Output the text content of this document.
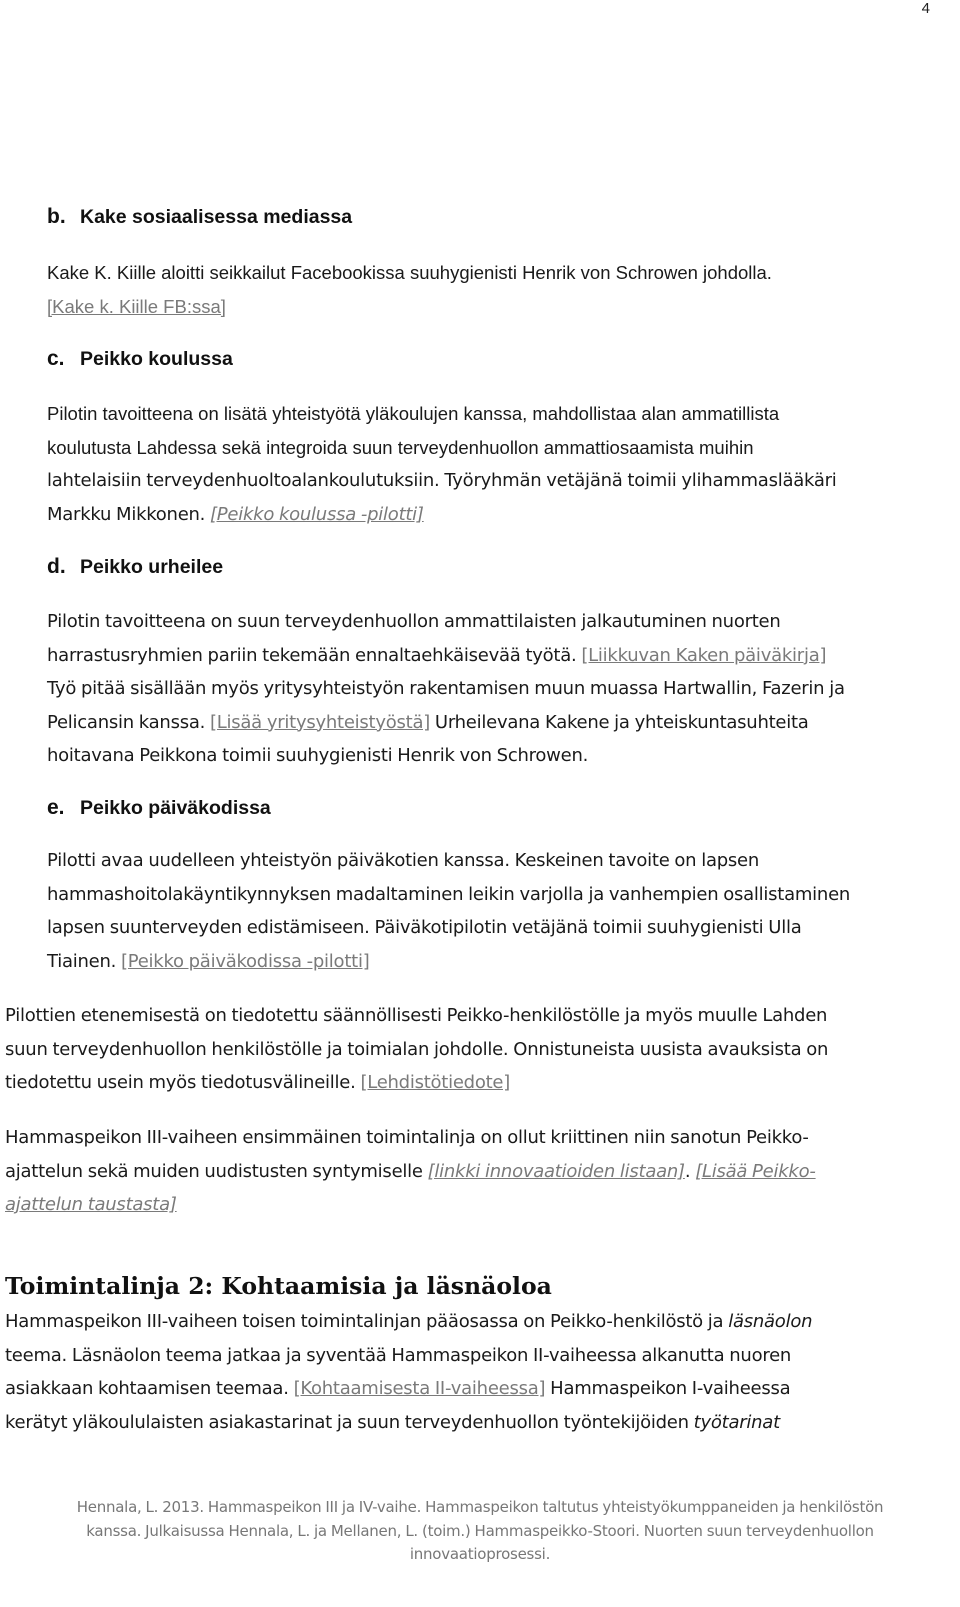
4
b. Kake sosiaalisessa mediassa
Kake K. Kiille aloitti seikkailut Facebookissa suuhygienisti Henrik von Schrowen johdolla.
[Kake k. Kiille FB:ssa]
c. Peikko koulussa
Pilotin tavoitteena on lisätä yhteistyötä yläkoulujen kanssa, mahdollistaa alan ammatillista
koulutusta Lahdessa sekä integroida suun terveydenhuollon ammattiosaamista muihin
lahtelaisiin terveydenhuoltoalankoulutuksiin. Työryhmän vetäjänä toimii ylihammaslääkäri
Markku Mikkonen. [Peikko koulussa -pilotti]
d. Peikko urheilee
Pilotin tavoitteena on suun terveydenhuollon ammattilaisten jalkautuminen nuorten
harrastusryhmien pariin tekemään ennaltaehkäisevää työtä. [Liikkuvan Kaken päiväkirja]
Työ pitää sisällään myös yritysyhteistyön rakentamisen muun muassa Hartwallin, Fazerin ja
Pelicansin kanssa. [Lisää yritysyhteistyöstä] Urheilevana Kakene ja yhteiskuntasuhteita
hoitavana Peikkona toimii suuhygienisti Henrik von Schrowen.
e. Peikko päiväkodissa
Pilotti avaa uudelleen yhteistyön päiväkotien kanssa. Keskeinen tavoite on lapsen
hammashoitolakäyntikynnyksen madaltaminen leikin varjolla ja vanhempien osallistaminen
lapsen suunterveyden edistämiseen. Päiväkotipilotin vetäjänä toimii suuhygienisti Ulla
Tiainen. [Peikko päiväkodissa -pilotti]
Pilottien etenemisestä on tiedotettu säännöllisesti Peikko-henkilöstölle ja myös muulle Lahden
suun terveydenhuollon henkilöstölle ja toimialan johdolle. Onnistuneista uusista avauksista on
tiedotettu usein myös tiedotusvälineille. [Lehdistötiedote]
Hammaspeikon III-vaiheen ensimmäinen toimintalinja on ollut kriittinen niin sanotun Peikko-
ajattelun sekä muiden uudistusten syntymiselle [linkki innovaatioiden listaan]. [Lisää Peikko-
ajattelun taustasta]
Toimintalinja 2: Kohtaamisia ja läsnäoloa
Hammaspeikon III-vaiheen toisen toimintalinjan pääosassa on Peikko-henkilöstö ja läsnäolon
teema. Läsnäolon teema jatkaa ja syventää Hammaspeikon II-vaiheessa alkanutta nuoren
asiakkaan kohtaamisen teemaa. [Kohtaamisesta II-vaiheessa] Hammaspeikon I-vaiheessa
kerätyt yläkoululaisten asiakastarinat ja suun terveydenhuollon työntekijöiden työtarinat
Hennala, L. 2013. Hammaspeikon III ja IV-vaihe. Hammaspeikon taltutus yhteistyökumppaneiden ja henkilöstön
kanssa. Julkaisussa Hennala, L. ja Mellanen, L. (toim.) Hammaspeikko-Stoori. Nuorten suun terveydenhuollon
innovaatioprosessi.
